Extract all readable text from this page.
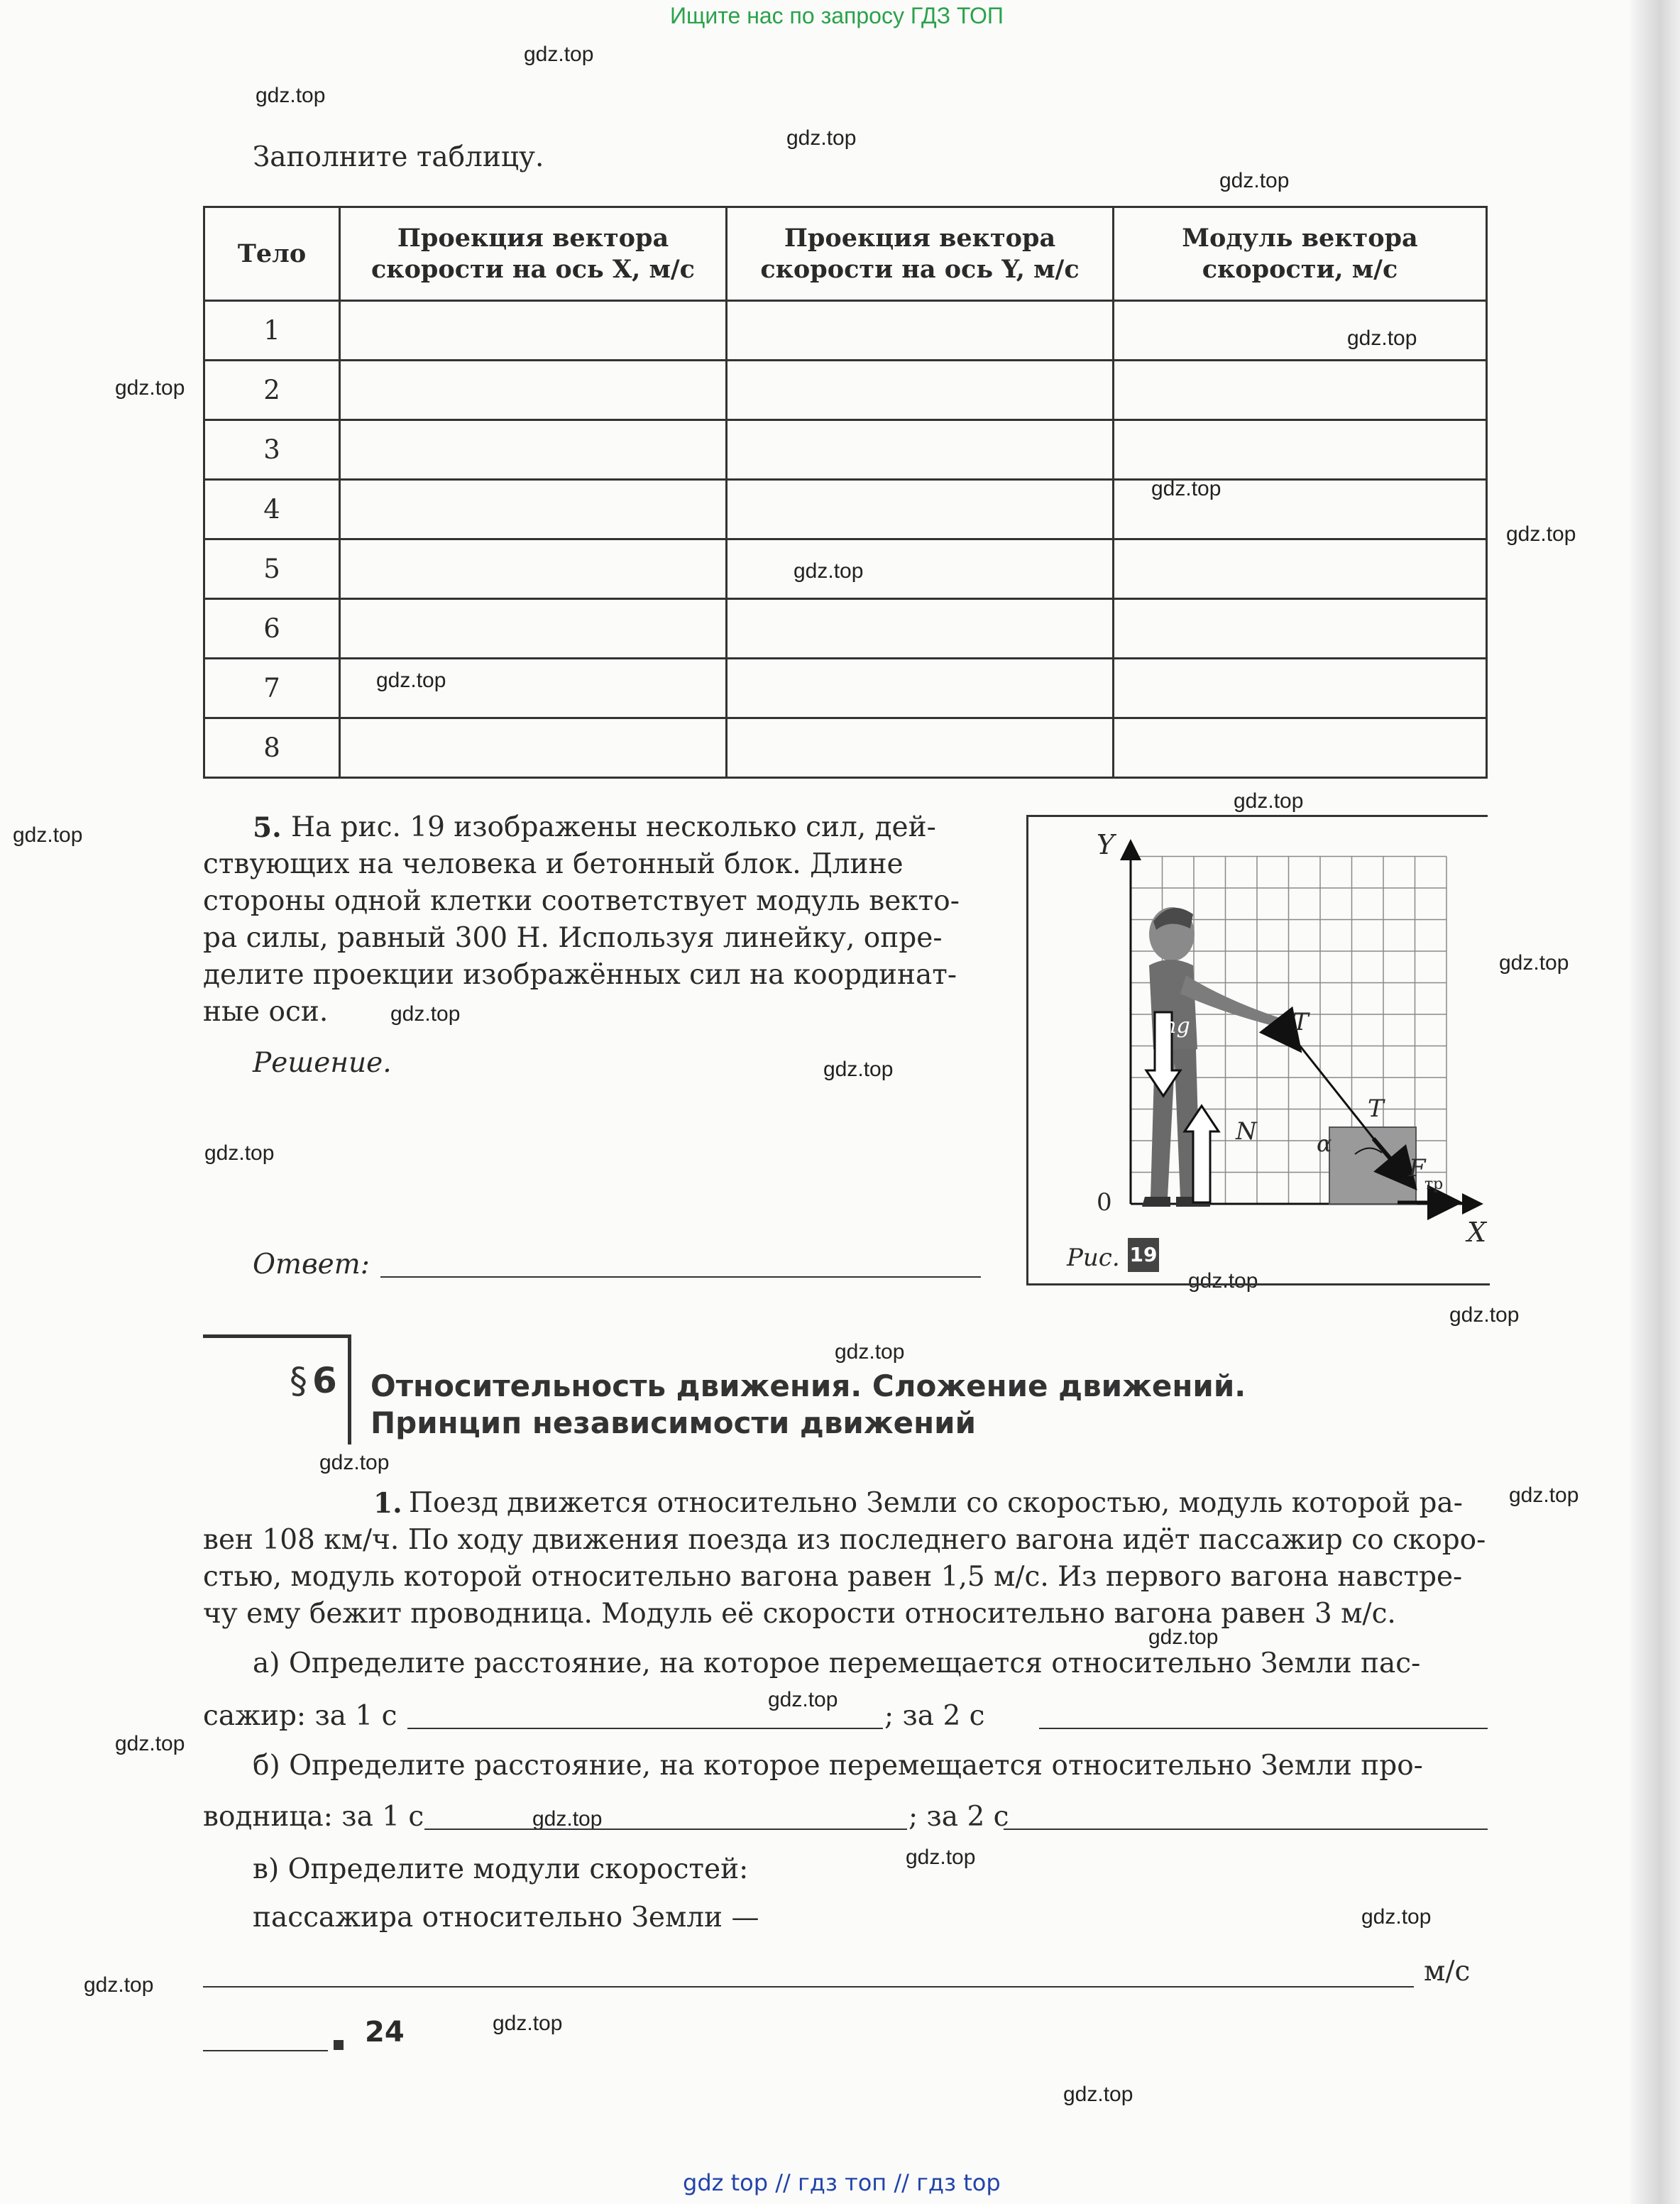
Ищите нас по запросу ГДЗ ТОП
gdz.top
gdz.top
gdz.top
gdz.top
gdz.top
gdz.top
gdz.top
gdz.top
gdz.top
gdz.top
gdz.top
gdz.top
gdz.top
gdz.top
gdz.top
gdz.top
gdz.top
gdz.top
gdz.top
gdz.top
gdz.top
gdz.top
gdz.top
gdz.top
gdz.top
gdz.top
gdz.top
gdz.top
gdz.top
gdz.top
Заполните таблицу.
Тело	Проекция вектора скорости на ось X, м/с	Проекция вектора скорости на ось Y, м/с	Модуль вектора скорости, м/с
1			
2			
3			
4			
5			
6			
7			
8			
5. На рис. 19 изображены несколько сил, дей-
ствующих на человека и бетонный блок. Длине
стороны одной клетки соответствует модуль векто-
ра силы, равный 300 Н. Используя линейку, опре-
делите проекции изображённых сил на координат-
ные оси.
Решение.
Ответ:
Y
X
0
mg	T
N
T
α
F
тр
Рис. 19
§ 6 Относительность движения. Сложение движений.
Принцип независимости движений
1. Поезд движется относительно Земли со скоростью, модуль которой ра-
вен 108 км/ч. По ходу движения поезда из последнего вагона идёт пассажир со скоро-
стью, модуль которой относительно вагона равен 1,5 м/с. Из первого вагона навстре-
чу ему бежит проводница. Модуль её скорости относительно вагона равен 3 м/с.
а) Определите расстояние, на которое перемещается относительно Земли пас-
сажир: за 1 с	; за 2 с
б) Определите расстояние, на которое перемещается относительно Земли про-
водница: за 1 с	; за 2 с
в) Определите модули скоростей:
пассажира относительно Земли —
м/с
24
gdz top // гдз топ // гдз top
